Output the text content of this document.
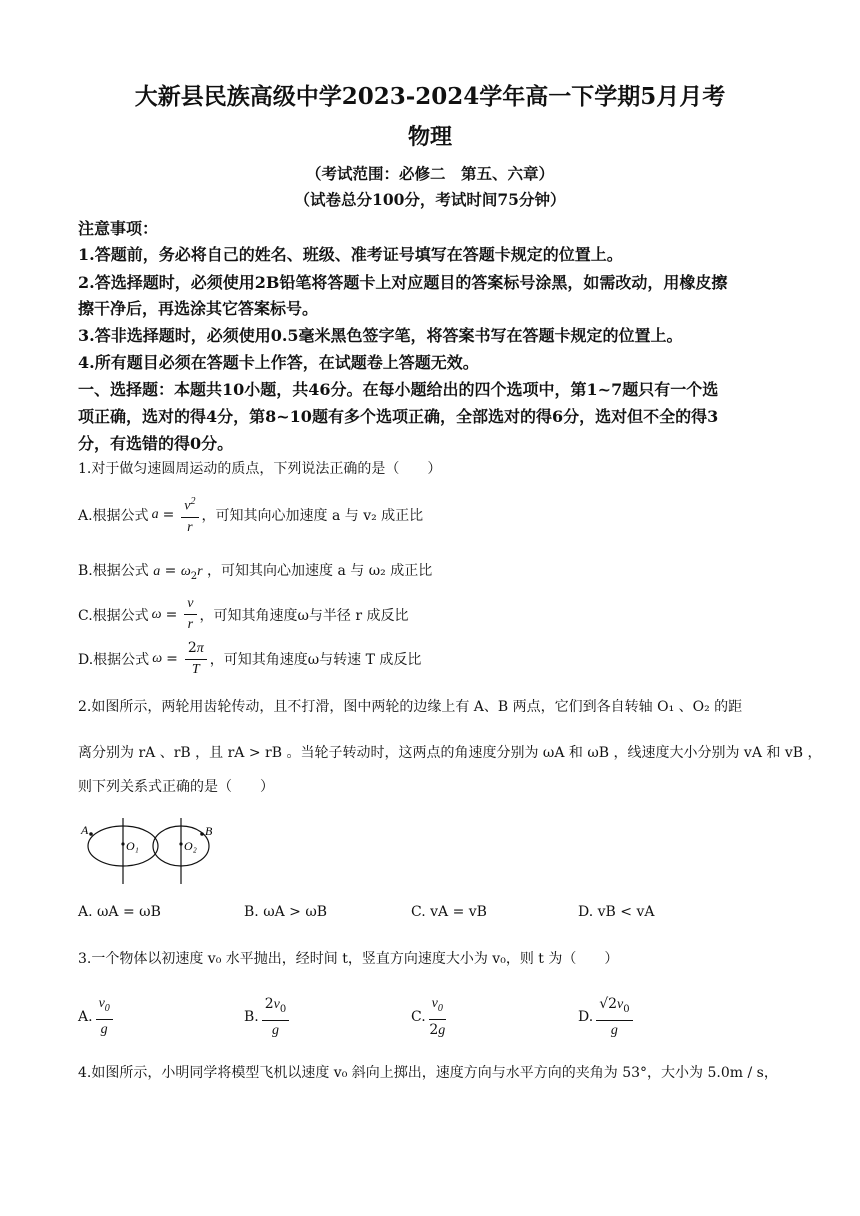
大新县民族高级中学2023-2024学年高一下学期5月月考
物理
（考试范围：必修二　第五、六章）
（试卷总分100分，考试时间75分钟）
注意事项：
1.答题前，务必将自己的姓名、班级、准考证号填写在答题卡规定的位置上。
2.答选择题时，必须使用2B铅笔将答题卡上对应题目的答案标号涂黑，如需改动，用橡皮擦
擦干净后，再选涂其它答案标号。
3.答非选择题时，必须使用0.5毫米黑色签字笔，将答案书写在答题卡规定的位置上。
4.所有题目必须在答题卡上作答，在试题卷上答题无效。
一、选择题：本题共10小题，共46分。在每小题给出的四个选项中，第1~7题只有一个选
项正确，选对的得4分，第8~10题有多个选项正确，全部选对的得6分，选对但不全的得3
分，有选错的得0分。
1.对于做匀速圆周运动的质点，下列说法正确的是（　　）
A.根据公式 $a = \frac{v^2}{r}$ ，可知其向心加速度 a 与 v₂ 成正比
B.根据公式 $a = \omega_2r$ ，可知其向心加速度 a 与 ω₂ 成正比
C.根据公式 $\omega = \frac{v}{r}$ ，可知其角速度ω与半径 r 成反比
D.根据公式 $\omega = \frac{2\pi}{T}$ ，可知其角速度ω与转速 T 成反比
2.如图所示，两轮用齿轮传动，且不打滑，图中两轮的边缘上有 A、B 两点，它们到各自转轴 O₁ 、O₂ 的距
离分别为 rA 、rB ，且 rA > rB 。当轮子转动时，这两点的角速度分别为 ωA 和 ωB ，线速度大小分别为 vA 和 vB ，
则下列关系式正确的是（　　）
A	B
O₁	O₂
A. ωA = ωB	B. ωA > ωB	C. vA = vB	D. vB < vA
3.一个物体以初速度 v₀ 水平抛出，经时间 t，竖直方向速度大小为 v₀，则 t 为（　　）
A. $\frac{v_0}{g}$	B. $\frac{2v_0}{g}$	C. $\frac{v_0}{2g}$	D. $\frac{√2v_0}{g}$
4.如图所示，小明同学将模型飞机以速度 v₀ 斜向上掷出，速度方向与水平方向的夹角为 53°，大小为 5.0m / s，
